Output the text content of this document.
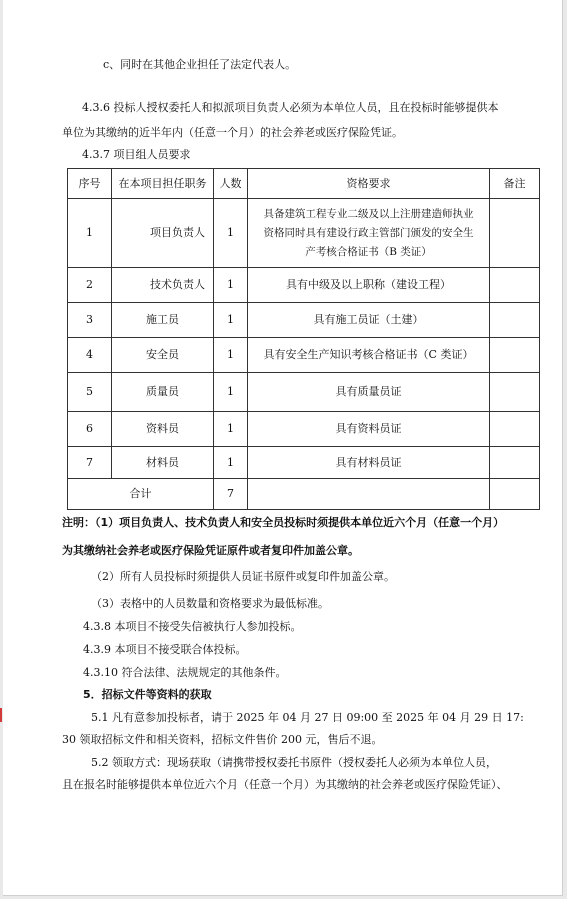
c、同时在其他企业担任了法定代表人。
4.3.6 投标人授权委托人和拟派项目负责人必须为本单位人员，且在投标时能够提供本
单位为其缴纳的近半年内（任意一个月）的社会养老或医疗保险凭证。
4.3.7 项目组人员要求
序号	在本项目担任职务	人数	资格要求	备注
1	项目负责人	1	具备建筑工程专业二级及以上注册建造师执业
资格同时具有建设行政主管部门颁发的安全生
产考核合格证书（B 类证）	

2	技术负责人	1	具有中级及以上职称（建设工程）	
3	施工员	1	具有施工员证（土建）	
4	安全员	1	具有安全生产知识考核合格证书（C 类证）	
5	质量员	1	具有质量员证	
6	资料员	1	具有资料员证	
7	材料员	1	具有材料员证	
合计		7		
注明：（1）项目负责人、技术负责人和安全员投标时须提供本单位近六个月（任意一个月）
为其缴纳社会养老或医疗保险凭证原件或者复印件加盖公章。
（2）所有人员投标时须提供人员证书原件或复印件加盖公章。
（3）表格中的人员数量和资格要求为最低标准。
4.3.8 本项目不接受失信被执行人参加投标。
4.3.9 本项目不接受联合体投标。
4.3.10 符合法律、法规规定的其他条件。
5．招标文件等资料的获取
5.1 凡有意参加投标者，请于 2025 年 04 月 27 日 09:00 至 2025 年 04 月 29 日 17:
30 领取招标文件和相关资料，招标文件售价 200 元，售后不退。
5.2 领取方式：现场获取（请携带授权委托书原件（授权委托人必须为本单位人员，
且在报名时能够提供本单位近六个月（任意一个月）为其缴纳的社会养老或医疗保险凭证）、
